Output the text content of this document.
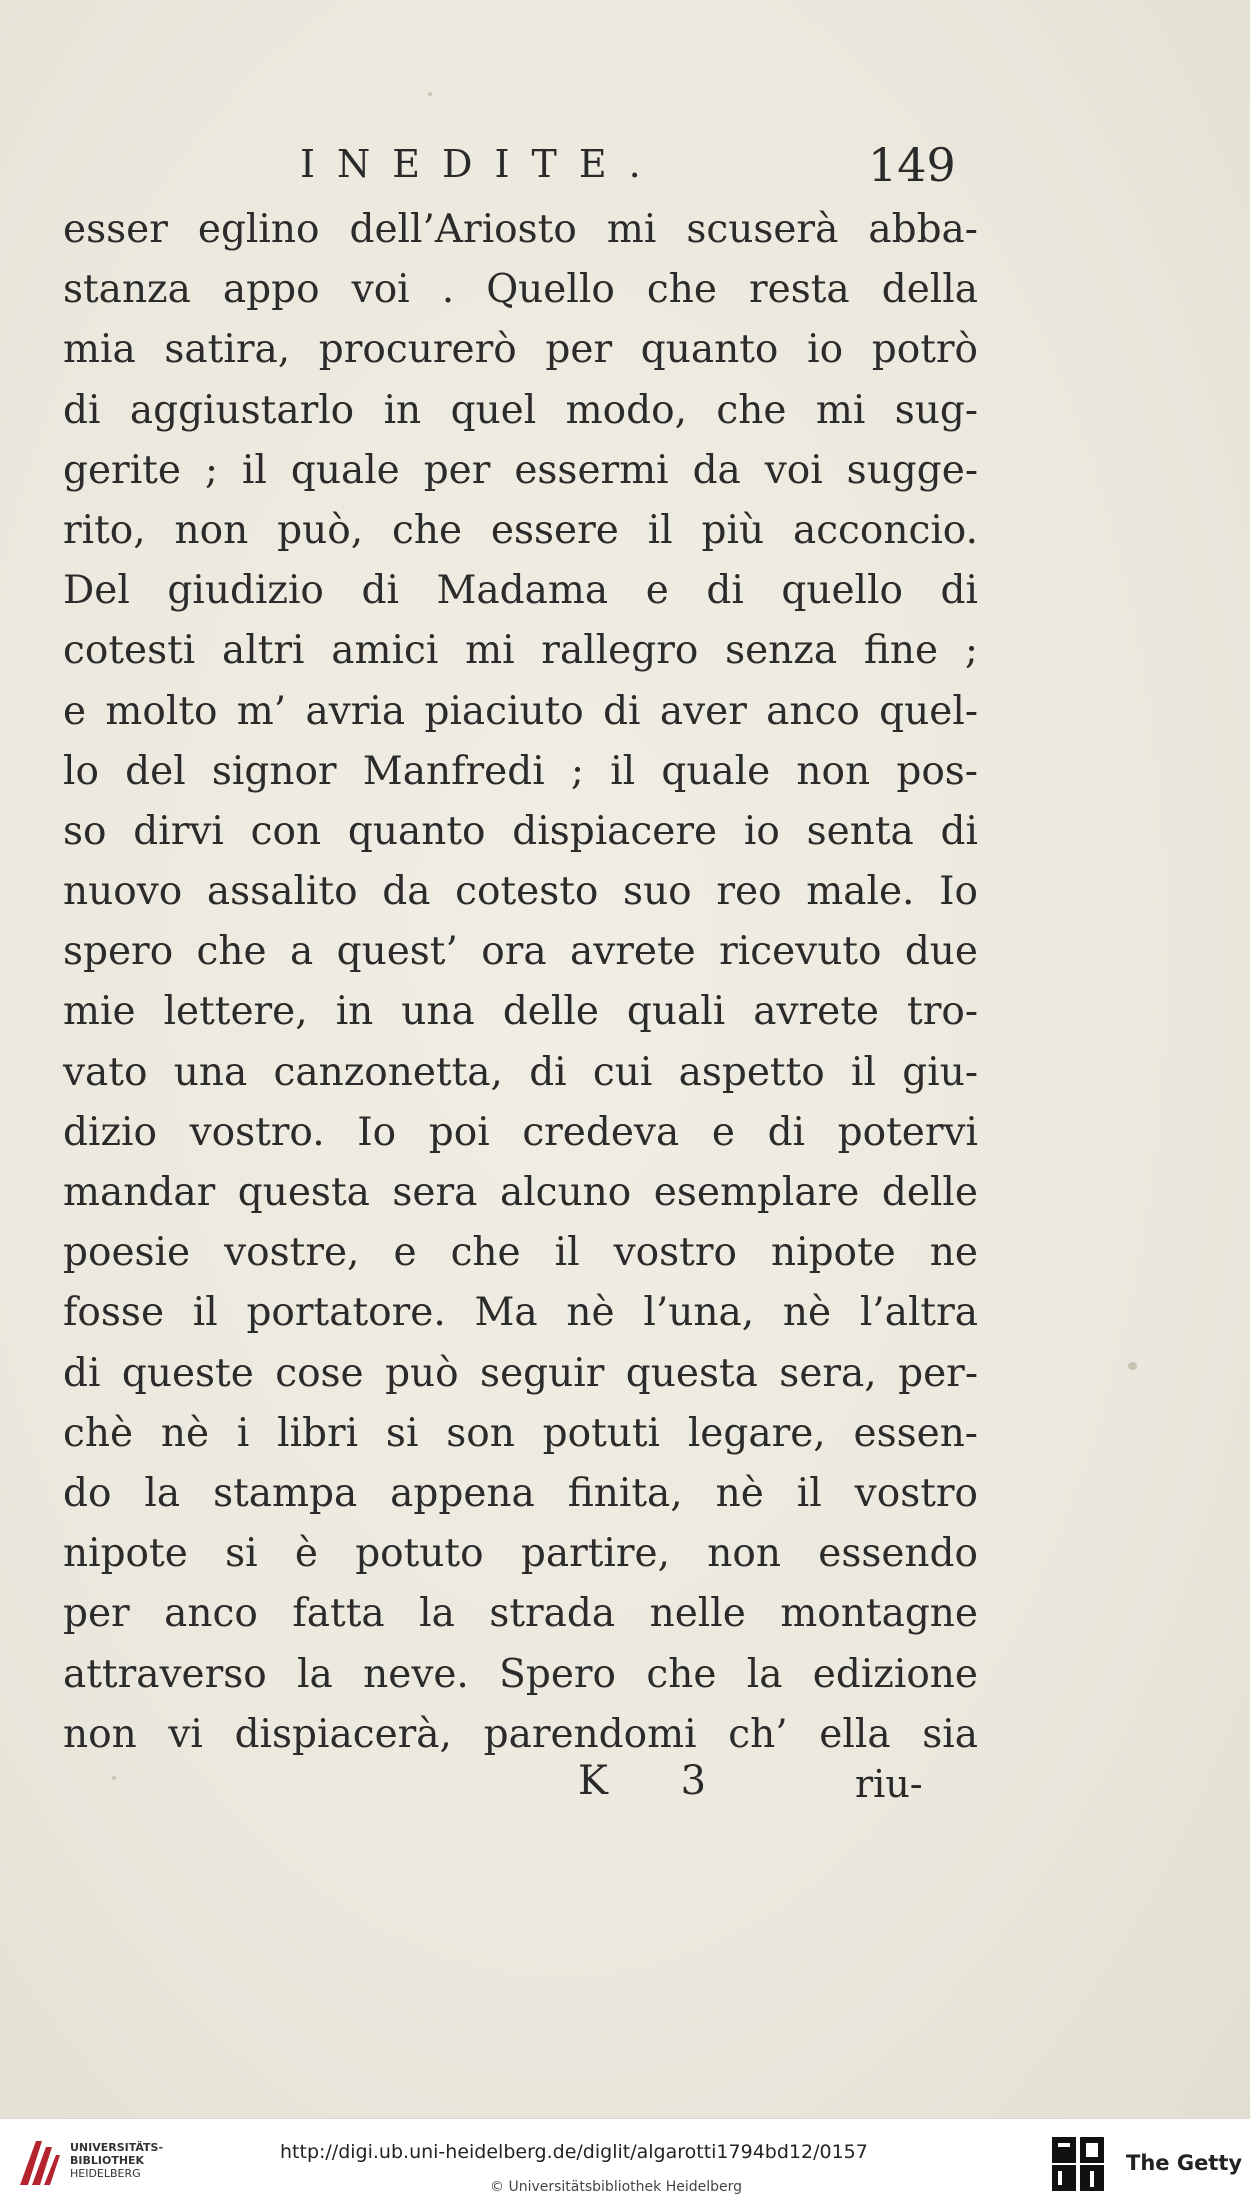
INEDITE.	149
esser eglino dell’Ariosto mi scuserà abba-
stanza appo voi . Quello che resta della
mia satira, procurerò per quanto io potrò
di aggiustarlo in quel modo, che mi sug-
gerite ; il quale per essermi da voi sugge-
rito, non può, che essere il più acconcio.
Del giudizio di Madama e di quello di
cotesti altri amici mi rallegro senza fine ;
e molto m’ avria piaciuto di aver anco quel-
lo del signor Manfredi ; il quale non pos-
so dirvi con quanto dispiacere io senta di
nuovo assalito da cotesto suo reo male. Io
spero che a quest’ ora avrete ricevuto due
mie lettere, in una delle quali avrete tro-
vato una canzonetta, di cui aspetto il giu-
dizio vostro. Io poi credeva e di potervi
mandar questa sera alcuno esemplare delle
poesie vostre, e che il vostro nipote ne
fosse il portatore. Ma nè l’una, nè l’altra
di queste cose può seguir questa sera, per-
chè nè i libri si son potuti legare, essen-
do la stampa appena finita, nè il vostro
nipote si è potuto partire, non essendo
per anco fatta la strada nelle montagne
attraverso la neve. Spero che la edizione
non vi dispiacerà, parendomi ch’ ella sia
K 3	riu-
UNIVERSITÄTS-
BIBLIOTHEK
HEIDELBERG
http://digi.ub.uni-heidelberg.de/diglit/algarotti1794bd12/0157
© Universitätsbibliothek Heidelberg
The Getty
